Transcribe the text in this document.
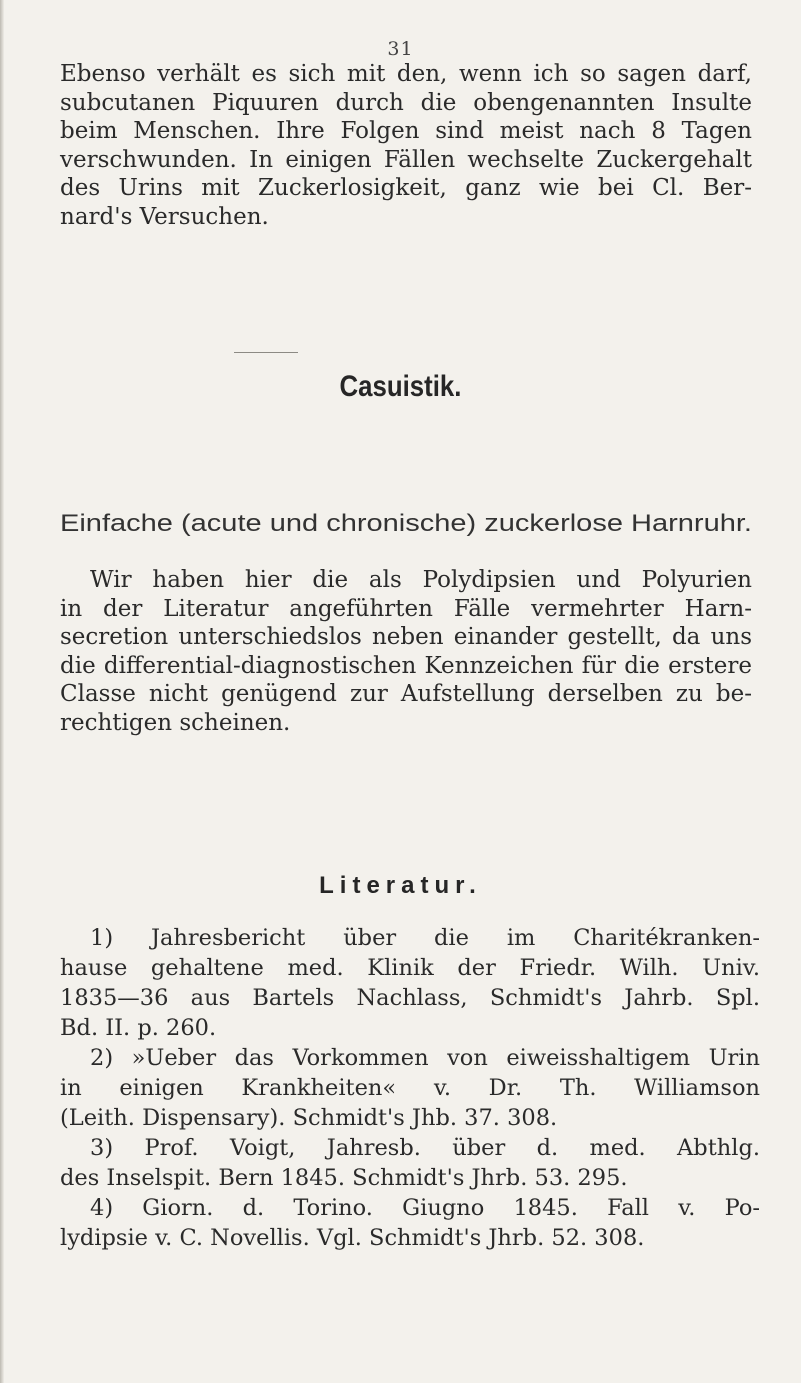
31

Ebenso verhält es sich mit den, wenn ich so sagen darf,
subcutanen Piquuren durch die obengenannten Insulte
beim Menschen. Ihre Folgen sind meist nach 8 Tagen
verschwunden. In einigen Fällen wechselte Zuckergehalt
des Urins mit Zuckerlosigkeit, ganz wie bei Cl. Ber-
nard's Versuchen.

Casuistik.
Einfache (acute und chronische) zuckerlose Harnruhr.

Wir haben hier die als Polydipsien und Polyurien
in der Literatur angeführten Fälle vermehrter Harn-
secretion unterschiedslos neben einander gestellt, da uns
die differential-diagnostischen Kennzeichen für die erstere
Classe nicht genügend zur Aufstellung derselben zu be-
rechtigen scheinen.

Literatur.
1) Jahresbericht über die im Charitékranken-
hause gehaltene med. Klinik der Friedr. Wilh. Univ.
1835—36 aus Bartels Nachlass, Schmidt's Jahrb. Spl.
Bd. II. p. 260.
2) »Ueber das Vorkommen von eiweisshaltigem Urin
in einigen Krankheiten« v. Dr. Th. Williamson
(Leith. Dispensary). Schmidt's Jhb. 37. 308.
3) Prof. Voigt, Jahresb. über d. med. Abthlg.
des Inselspit. Bern 1845. Schmidt's Jhrb. 53. 295.
4) Giorn. d. Torino. Giugno 1845. Fall v. Po-
lydipsie v. C. Novellis. Vgl. Schmidt's Jhrb. 52. 308.
